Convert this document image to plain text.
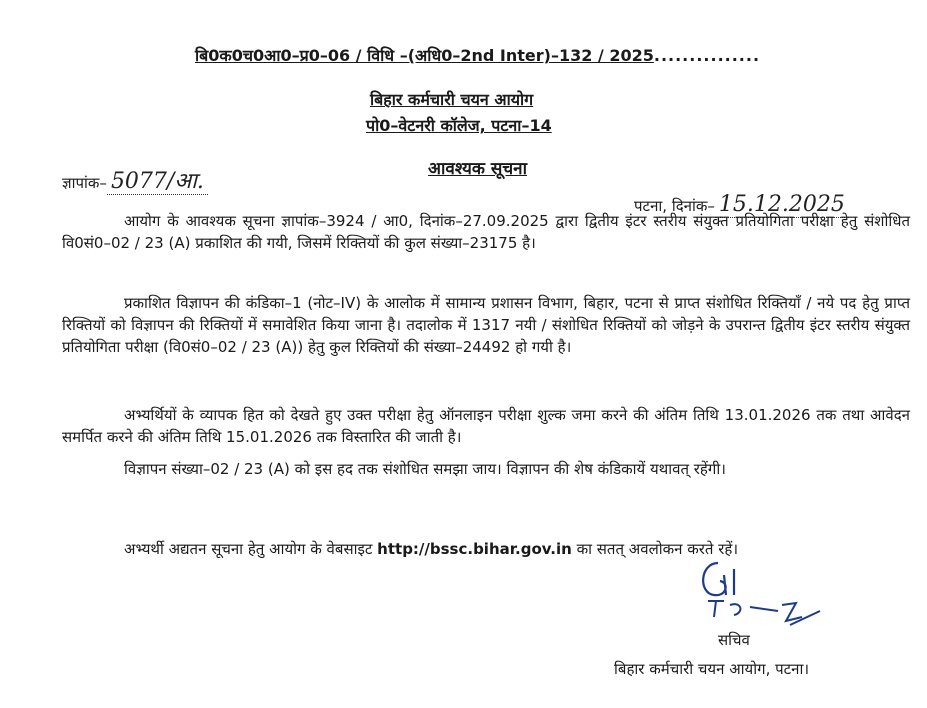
बि0क0च0आ0–प्र0–06 / विधि –(अधि0–2nd Inter)–132 / 2025...............
बिहार कर्मचारी चयन आयोग
पो0–वेटनरी कॉलेज, पटना–14
ज्ञापांक– 5077/आ.	आवश्यक सूचना
पटना, दिनांक– 15.12.2025
आयोग के आवश्यक सूचना ज्ञापांक–3924 / आ0, दिनांक–27.09.2025 द्वारा द्वितीय इंटर स्तरीय संयुक्त प्रतियोगिता परीक्षा हेतु संशोधित वि0सं0–02 / 23 (A) प्रकाशित की गयी, जिसमें रिक्तियों की कुल संख्या–23175 है।
प्रकाशित विज्ञापन की कंडिका–1 (नोट–IV) के आलोक में सामान्य प्रशासन विभाग, बिहार, पटना से प्राप्त संशोधित रिक्तियाँ / नये पद हेतु प्राप्त रिक्तियों को विज्ञापन की रिक्तियों में समावेशित किया जाना है। तदालोक में 1317 नयी / संशोधित रिक्तियों को जोड़ने के उपरान्त द्वितीय इंटर स्तरीय संयुक्त प्रतियोगिता परीक्षा (वि0सं0–02 / 23 (A)) हेतु कुल रिक्तियों की संख्या–24492 हो गयी है।
अभ्यर्थियों के व्यापक हित को देखते हुए उक्त परीक्षा हेतु ऑनलाइन परीक्षा शुल्क जमा करने की अंतिम तिथि 13.01.2026 तक तथा आवेदन समर्पित करने की अंतिम तिथि 15.01.2026 तक विस्तारित की जाती है।
विज्ञापन संख्या–02 / 23 (A) को इस हद तक संशोधित समझा जाय। विज्ञापन की शेष कंडिकायें यथावत् रहेंगी।
अभ्यर्थी अद्यतन सूचना हेतु आयोग के वेबसाइट http://bssc.bihar.gov.in का सतत् अवलोकन करते रहें।
सचिव
बिहार कर्मचारी चयन आयोग, पटना।
